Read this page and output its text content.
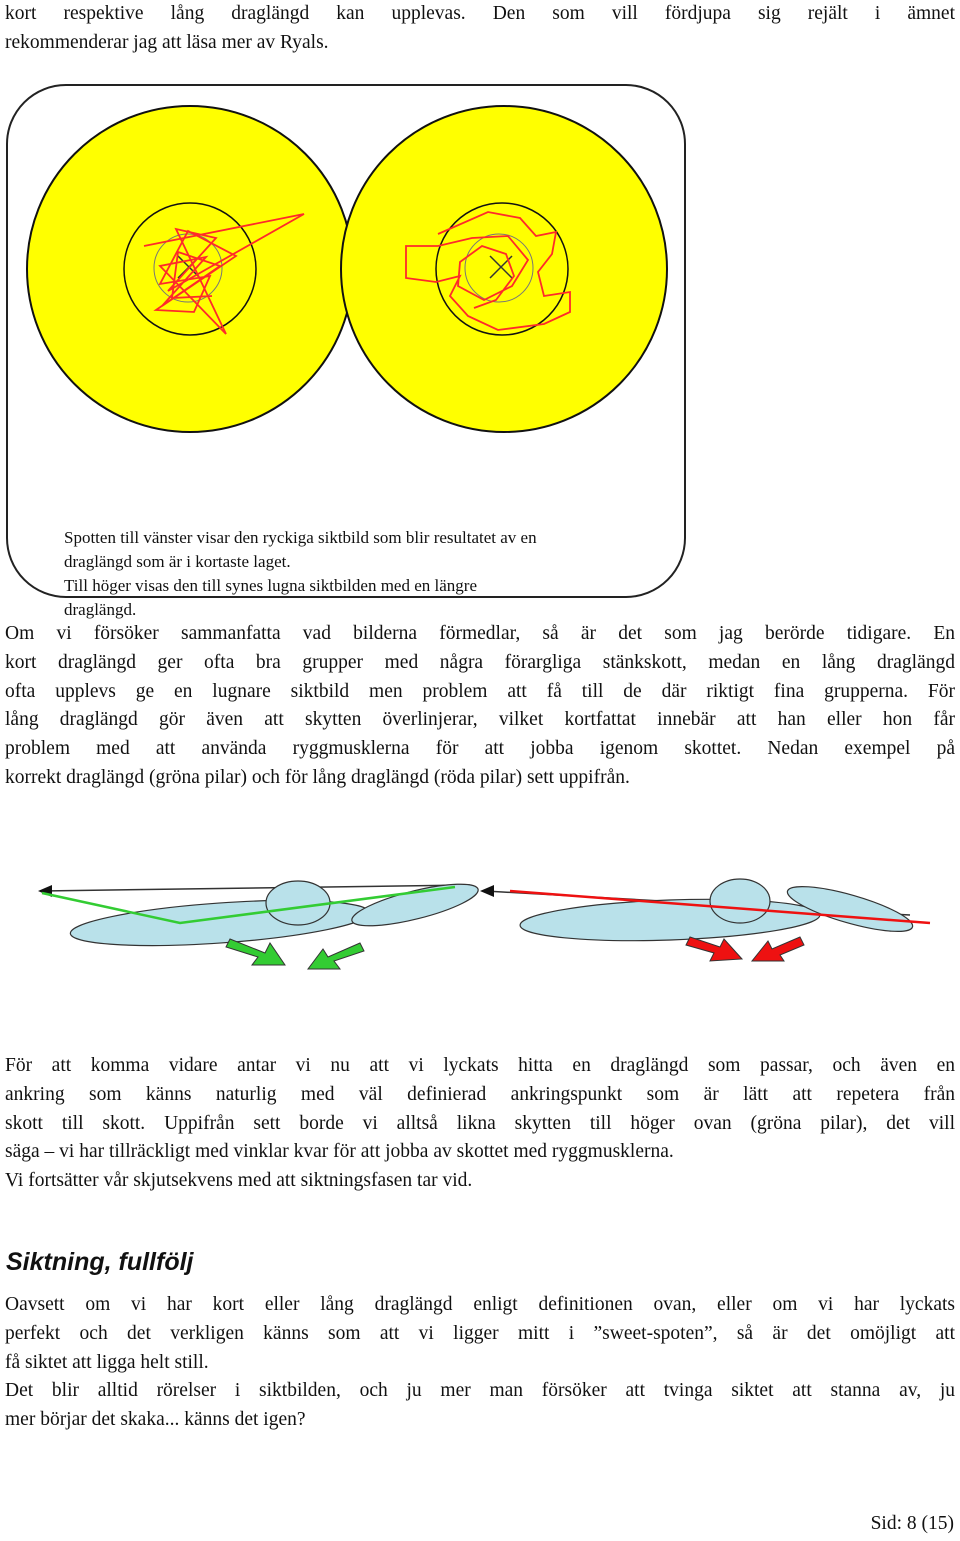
kort respektive lång draglängd kan upplevas. Den som vill fördjupa sig rejält i ämnet
rekommenderar jag att läsa mer av Ryals.

Spotten till vänster visar den ryckiga siktbild som blir resultatet av en
draglängd som är i kortaste laget.
Till höger visas den till synes lugna siktbilden med en längre
draglängd.

Om vi försöker sammanfatta vad bilderna förmedlar, så är det som jag berörde tidigare. En
kort draglängd ger ofta bra grupper med några förargliga stänkskott, medan en lång draglängd
ofta upplevs ge en lugnare siktbild men problem att få till de där riktigt fina grupperna. För
lång draglängd gör även att skytten överlinjerar, vilket kortfattat innebär att han eller hon får
problem med att använda ryggmusklerna för att jobba igenom skottet. Nedan exempel på
korrekt draglängd (gröna pilar) och för lång draglängd (röda pilar) sett uppifrån.

För att komma vidare antar vi nu att vi lyckats hitta en draglängd som passar, och även en
ankring som känns naturlig med väl definierad ankringspunkt som är lätt att repetera från
skott till skott. Uppifrån sett borde vi alltså likna skytten till höger ovan (gröna pilar), det vill
säga – vi har tillräckligt med vinklar kvar för att jobba av skottet med ryggmusklerna.
Vi fortsätter vår skjutsekvens med att siktningsfasen tar vid.

Siktning, fullfölj

Oavsett om vi har kort eller lång draglängd enligt definitionen ovan, eller om vi har lyckats
perfekt och det verkligen känns som att vi ligger mitt i ”sweet-spoten”, så är det omöjligt att
få siktet att ligga helt still.
Det blir alltid rörelser i siktbilden, och ju mer man försöker att tvinga siktet att stanna av, ju
mer börjar det skaka... känns det igen?

Sid: 8 (15)
